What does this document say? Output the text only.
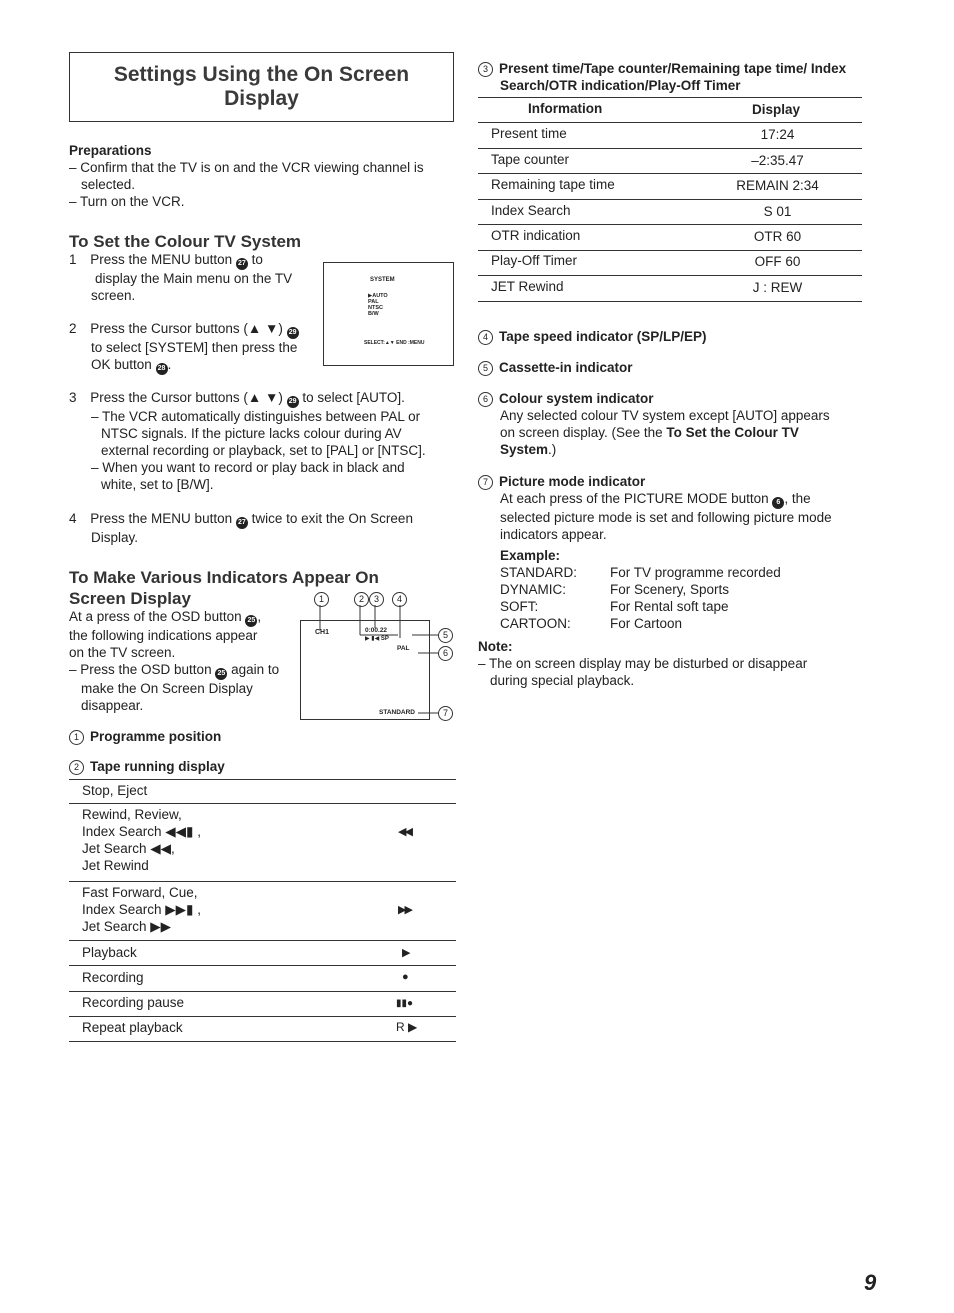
Settings Using the On Screen
Display
Preparations
– Confirm that the TV is on and the VCR viewing channel is
selected.
– Turn on the VCR.
To Set the Colour TV System
1 Press the MENU button 27 to
display the Main menu on the TV
screen.
2 Press the Cursor buttons (▲ ▼) 29
to select [SYSTEM] then press the
OK button 28 .
SYSTEM
▶AUTO
PAL
NTSC
B/W
SELECT:▲▼ END :MENU
3 Press the Cursor buttons (▲ ▼) 29 to select [AUTO].
– The VCR automatically distinguishes between PAL or
NTSC signals. If the picture lacks colour during AV
external recording or playback, set to [PAL] or [NTSC].
– When you want to record or play back in black and
white, set to [B/W].
4 Press the MENU button 27 twice to exit the On Screen
Display.
To Make Various Indicators Appear On
Screen Display
At a press of the OSD button 25 ,
the following indications appear
on the TV screen.
– Press the OSD button 25 again to
make the On Screen Display
disappear.
CH1	0:00.22
▶ ▮◀ SP
PAL
STANDARD
1	2	3	4
5
6
7
1 Programme position
2 Tape running display
Stop, Eject
Rewind, Review,
Index Search ◀◀▮ ,
Jet Search ◀◀,
Jet Rewind
◀◀
Fast Forward, Cue,
Index Search ▶▶▮ ,
Jet Search ▶▶
▶▶
Playback	▶
Recording	●
Recording pause	▮▮●
Repeat playback	R ▶
3 Present time/Tape counter/Remaining tape time/ Index
Search/OTR indication/Play-Off Timer
Information	Display
Present time	17:24
Tape counter	–2:35.47
Remaining tape time	REMAIN 2:34
Index Search	S 01
OTR indication	OTR 60
Play-Off Timer	OFF 60
JET Rewind	J : REW
4 Tape speed indicator (SP/LP/EP)
5 Cassette-in indicator
6 Colour system indicator
Any selected colour TV system except [AUTO] appears
on screen display. (See the To Set the Colour TV
System.)
7 Picture mode indicator
At each press of the PICTURE MODE button 6 , the
selected picture mode is set and following picture mode
indicators appear.
Example:
STANDARD: For TV programme recorded
DYNAMIC:	For Scenery, Sports
SOFT:	For Rental soft tape
CARTOON:	For Cartoon
Note:
– The on screen display may be disturbed or disappear
during special playback.
9
